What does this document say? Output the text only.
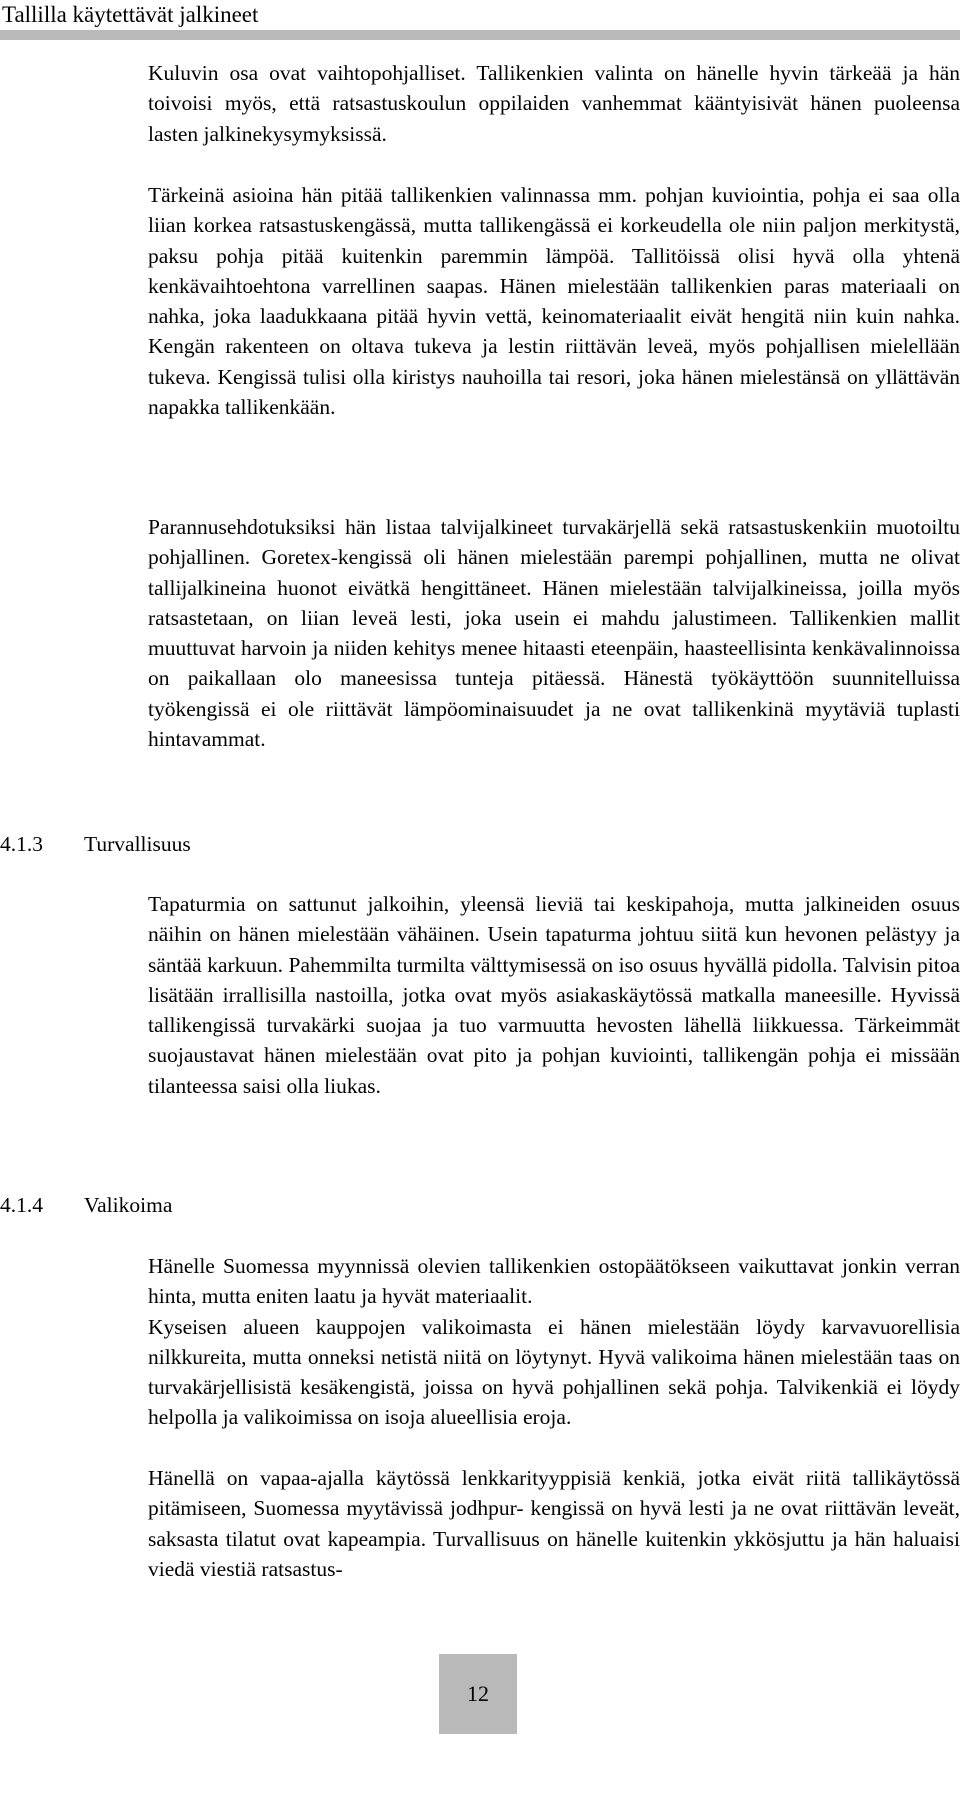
Tallilla käytettävät jalkineet

Kuluvin osa ovat vaihtopohjalliset. Tallikenkien valinta on hänelle hyvin tärkeää ja hän toivoisi myös, että ratsastuskoulun oppilaiden vanhemmat kääntyisivät hänen puoleensa lasten jalkinekysymyksissä.

Tärkeinä asioina hän pitää tallikenkien valinnassa mm. pohjan kuviointia, pohja ei saa olla liian korkea ratsastuskengässä, mutta tallikengässä ei korkeudella ole niin paljon merkitystä, paksu pohja pitää kuitenkin paremmin lämpöä. Tallitöissä olisi hyvä olla yhtenä kenkävaihtoehtona varrellinen saapas. Hänen mielestään tallikenkien paras materiaali on nahka, joka laadukkaana pitää hyvin vettä, keinomateriaalit eivät hengitä niin kuin nahka. Kengän rakenteen on oltava tukeva ja lestin riittävän leveä, myös pohjallisen mielellään tukeva. Kengissä tulisi olla kiristys nauhoilla tai resori, joka hänen mielestänsä on yllättävän napakka tallikenkään.

Parannusehdotuksiksi hän listaa talvijalkineet turvakärjellä sekä ratsastuskenkiin muotoiltu pohjallinen. Goretex-kengissä oli hänen mielestään parempi pohjallinen, mutta ne olivat tallijalkineina huonot eivätkä hengittäneet. Hänen mielestään talvijalkineissa, joilla myös ratsastetaan, on liian leveä lesti, joka usein ei mahdu jalustimeen. Tallikenkien mallit muuttuvat harvoin ja niiden kehitys menee hitaasti eteenpäin, haasteellisinta kenkävalinnoissa on paikallaan olo maneesissa tunteja pitäessä. Hänestä työkäyttöön suunnitelluissa työkengissä ei ole riittävät lämpöominaisuudet ja ne ovat tallikenkinä myytäviä tuplasti hintavammat.

4.1.3 Turvallisuus

Tapaturmia on sattunut jalkoihin, yleensä lieviä tai keskipahoja, mutta jalkineiden osuus näihin on hänen mielestään vähäinen. Usein tapaturma johtuu siitä kun hevonen pelästyy ja säntää karkuun. Pahemmilta turmilta välttymisessä on iso osuus hyvällä pidolla. Talvisin pitoa lisätään irrallisilla nastoilla, jotka ovat myös asiakaskäytössä matkalla maneesille. Hyvissä tallikengissä turvakärki suojaa ja tuo varmuutta hevosten lähellä liikkuessa. Tärkeimmät suojaustavat hänen mielestään ovat pito ja pohjan kuviointi, tallikengän pohja ei missään tilanteessa saisi olla liukas.

4.1.4 Valikoima

Hänelle Suomessa myynnissä olevien tallikenkien ostopäätökseen vaikuttavat jonkin verran hinta, mutta eniten laatu ja hyvät materiaalit.

Kyseisen alueen kauppojen valikoimasta ei hänen mielestään löydy karvavuorellisia nilkkureita, mutta onneksi netistä niitä on löytynyt. Hyvä valikoima hänen mielestään taas on turvakärjellisistä kesäkengistä, joissa on hyvä pohjallinen sekä pohja. Talvikenkiä ei löydy helpolla ja valikoimissa on isoja alueellisia eroja.

Hänellä on vapaa-ajalla käytössä lenkkarityyppisiä kenkiä, jotka eivät riitä tallikäytössä pitämiseen, Suomessa myytävissä jodhpur- kengissä on hyvä lesti ja ne ovat riittävän leveät, saksasta tilatut ovat kapeampia. Turvallisuus on hänelle kuitenkin ykkösjuttu ja hän haluaisi viedä viestiä ratsastus-

12
